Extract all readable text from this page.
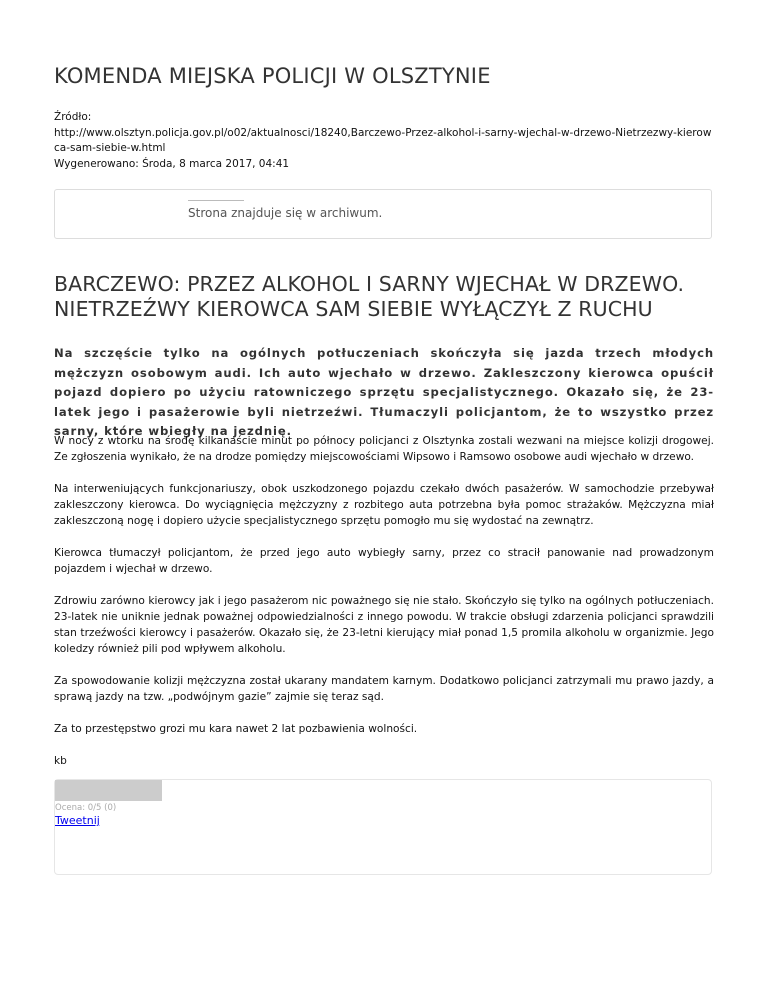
KOMENDA MIEJSKA POLICJI W OLSZTYNIE
Źródło:
http://www.olsztyn.policja.gov.pl/o02/aktualnosci/18240,Barczewo-Przez-alkohol-i-sarny-wjechal-w-drzewo-Nietrzezwy-kierowca-sam-siebie-w.html
Wygenerowano: Środa, 8 marca 2017, 04:41
Strona znajduje się w archiwum.
BARCZEWO: PRZEZ ALKOHOL I SARNY WJECHAŁ W DRZEWO. NIETRZEŹWY KIEROWCA SAM SIEBIE WYŁĄCZYŁ Z RUCHU

Na szczęście tylko na ogólnych potłuczeniach skończyła się jazda trzech młodych mężczyzn osobowym audi. Ich auto wjechało w drzewo. Zakleszczony kierowca opuścił pojazd dopiero po użyciu ratowniczego sprzętu specjalistycznego. Okazało się, że 23-latek jego i pasażerowie byli nietrzeźwi. Tłumaczyli policjantom, że to wszystko przez sarny, które wbiegły na jezdnię.

W nocy z wtorku na środę kilkanaście minut po północy policjanci z Olsztynka zostali wezwani na miejsce kolizji drogowej. Ze zgłoszenia wynikało, że na drodze pomiędzy miejscowościami Wipsowo i Ramsowo osobowe audi wjechało w drzewo.

Na interweniujących funkcjonariuszy, obok uszkodzonego pojazdu czekało dwóch pasażerów. W samochodzie przebywał zakleszczony kierowca. Do wyciągnięcia mężczyzny z rozbitego auta potrzebna była pomoc strażaków. Mężczyzna miał zakleszczoną nogę i dopiero użycie specjalistycznego sprzętu pomogło mu się wydostać na zewnątrz.

Kierowca tłumaczył policjantom, że przed jego auto wybiegły sarny, przez co stracił panowanie nad prowadzonym pojazdem i wjechał w drzewo.

Zdrowiu zarówno kierowcy jak i jego pasażerom nic poważnego się nie stało. Skończyło się tylko na ogólnych potłuczeniach. 23-latek nie uniknie jednak poważnej odpowiedzialności z innego powodu. W trakcie obsługi zdarzenia policjanci sprawdzili stan trzeźwości kierowcy i pasażerów. Okazało się, że 23-letni kierujący miał ponad 1,5 promila alkoholu w organizmie. Jego koledzy również pili pod wpływem alkoholu.

Za spowodowanie kolizji mężczyzna został ukarany mandatem karnym. Dodatkowo policjanci zatrzymali mu prawo jazdy, a sprawą jazdy na tzw. „podwójnym gazie” zajmie się teraz sąd.

Za to przestępstwo grozi mu kara nawet 2 lat pozbawienia wolności.

kb

Ocena: 0/5 (0)
Tweetnij
